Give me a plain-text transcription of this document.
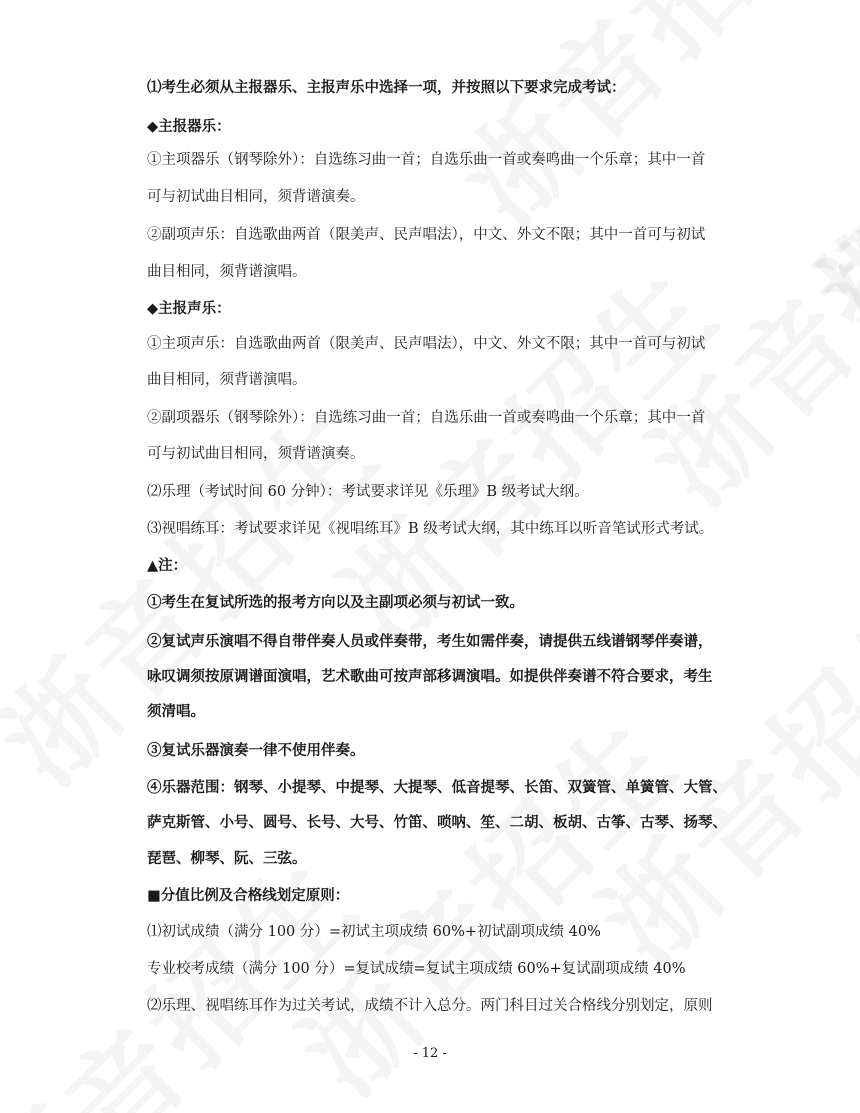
⑴考生必须从主报器乐、主报声乐中选择一项，并按照以下要求完成考试：
◆主报器乐：
①主项器乐（钢琴除外）：自选练习曲一首；自选乐曲一首或奏鸣曲一个乐章；其中一首
可与初试曲目相同，须背谱演奏。
②副项声乐：自选歌曲两首（限美声、民声唱法），中文、外文不限；其中一首可与初试
曲目相同，须背谱演唱。
◆主报声乐：
①主项声乐：自选歌曲两首（限美声、民声唱法），中文、外文不限；其中一首可与初试
曲目相同，须背谱演唱。
②副项器乐（钢琴除外）：自选练习曲一首；自选乐曲一首或奏鸣曲一个乐章；其中一首
可与初试曲目相同，须背谱演奏。
⑵乐理（考试时间 60 分钟）：考试要求详见《乐理》B 级考试大纲。
⑶视唱练耳：考试要求详见《视唱练耳》B 级考试大纲，其中练耳以听音笔试形式考试。
▲注：
①考生在复试所选的报考方向以及主副项必须与初试一致。
②复试声乐演唱不得自带伴奏人员或伴奏带，考生如需伴奏，请提供五线谱钢琴伴奏谱，
咏叹调须按原调谱面演唱，艺术歌曲可按声部移调演唱。如提供伴奏谱不符合要求，考生
须清唱。
③复试乐器演奏一律不使用伴奏。
④乐器范围：钢琴、小提琴、中提琴、大提琴、低音提琴、长笛、双簧管、单簧管、大管、
萨克斯管、小号、圆号、长号、大号、竹笛、唢呐、笙、二胡、板胡、古筝、古琴、扬琴、
琵琶、柳琴、阮、三弦。
■分值比例及合格线划定原则：
⑴初试成绩（满分 100 分）=初试主项成绩 60%+初试副项成绩 40%
专业校考成绩（满分 100 分）=复试成绩=复试主项成绩 60%+复试副项成绩 40%
⑵乐理、视唱练耳作为过关考试，成绩不计入总分。两门科目过关合格线分别划定，原则
- 12 -
